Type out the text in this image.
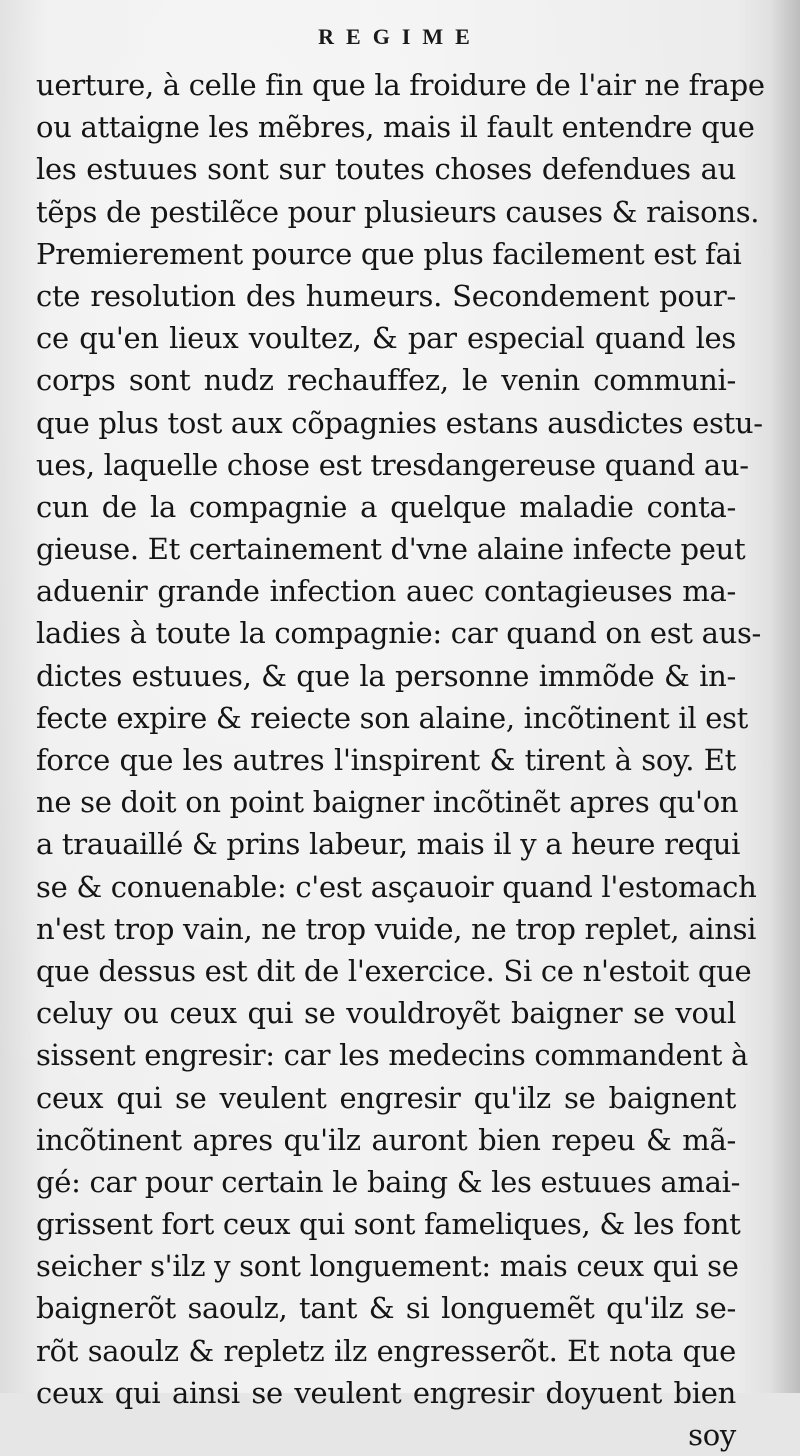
REGIME
uerture, à celle fin que la froidure de l'air ne frape
ou attaigne les mẽbres, mais il fault entendre que
les estuues sont sur toutes choses defendues au
tẽps de pestilẽce pour plusieurs causes & raisons.
Premierement pource que plus facilement est fai
cte resolution des humeurs. Secondement pour-
ce qu'en lieux voultez, & par especial quand les
corps sont nudz rechauffez, le venin communi-
que plus tost aux cõpagnies estans ausdictes estu-
ues, laquelle chose est tresdangereuse quand au-
cun de la compagnie a quelque maladie conta-
gieuse. Et certainement d'vne alaine infecte peut
aduenir grande infection auec contagieuses ma-
ladies à toute la compagnie: car quand on est aus-
dictes estuues, & que la personne immõde & in-
fecte expire & reiecte son alaine, incõtinent il est
force que les autres l'inspirent & tirent à soy. Et
ne se doit on point baigner incõtinẽt apres qu'on
a trauaillé & prins labeur, mais il y a heure requi
se & conuenable: c'est asçauoir quand l'estomach
n'est trop vain, ne trop vuide, ne trop replet, ainsi
que dessus est dit de l'exercice. Si ce n'estoit que
celuy ou ceux qui se vouldroyẽt baigner se voul
sissent engresir: car les medecins commandent à
ceux qui se veulent engresir qu'ilz se baignent
incõtinent apres qu'ilz auront bien repeu & mã-
gé: car pour certain le baing & les estuues amai-
grissent fort ceux qui sont fameliques, & les font
seicher s'ilz y sont longuement: mais ceux qui se
baignerõt saoulz, tant & si longuemẽt qu'ilz se-
rõt saoulz & repletz ilz engresserõt. Et nota que
ceux qui ainsi se veulent engresir doyuent bien
soy
